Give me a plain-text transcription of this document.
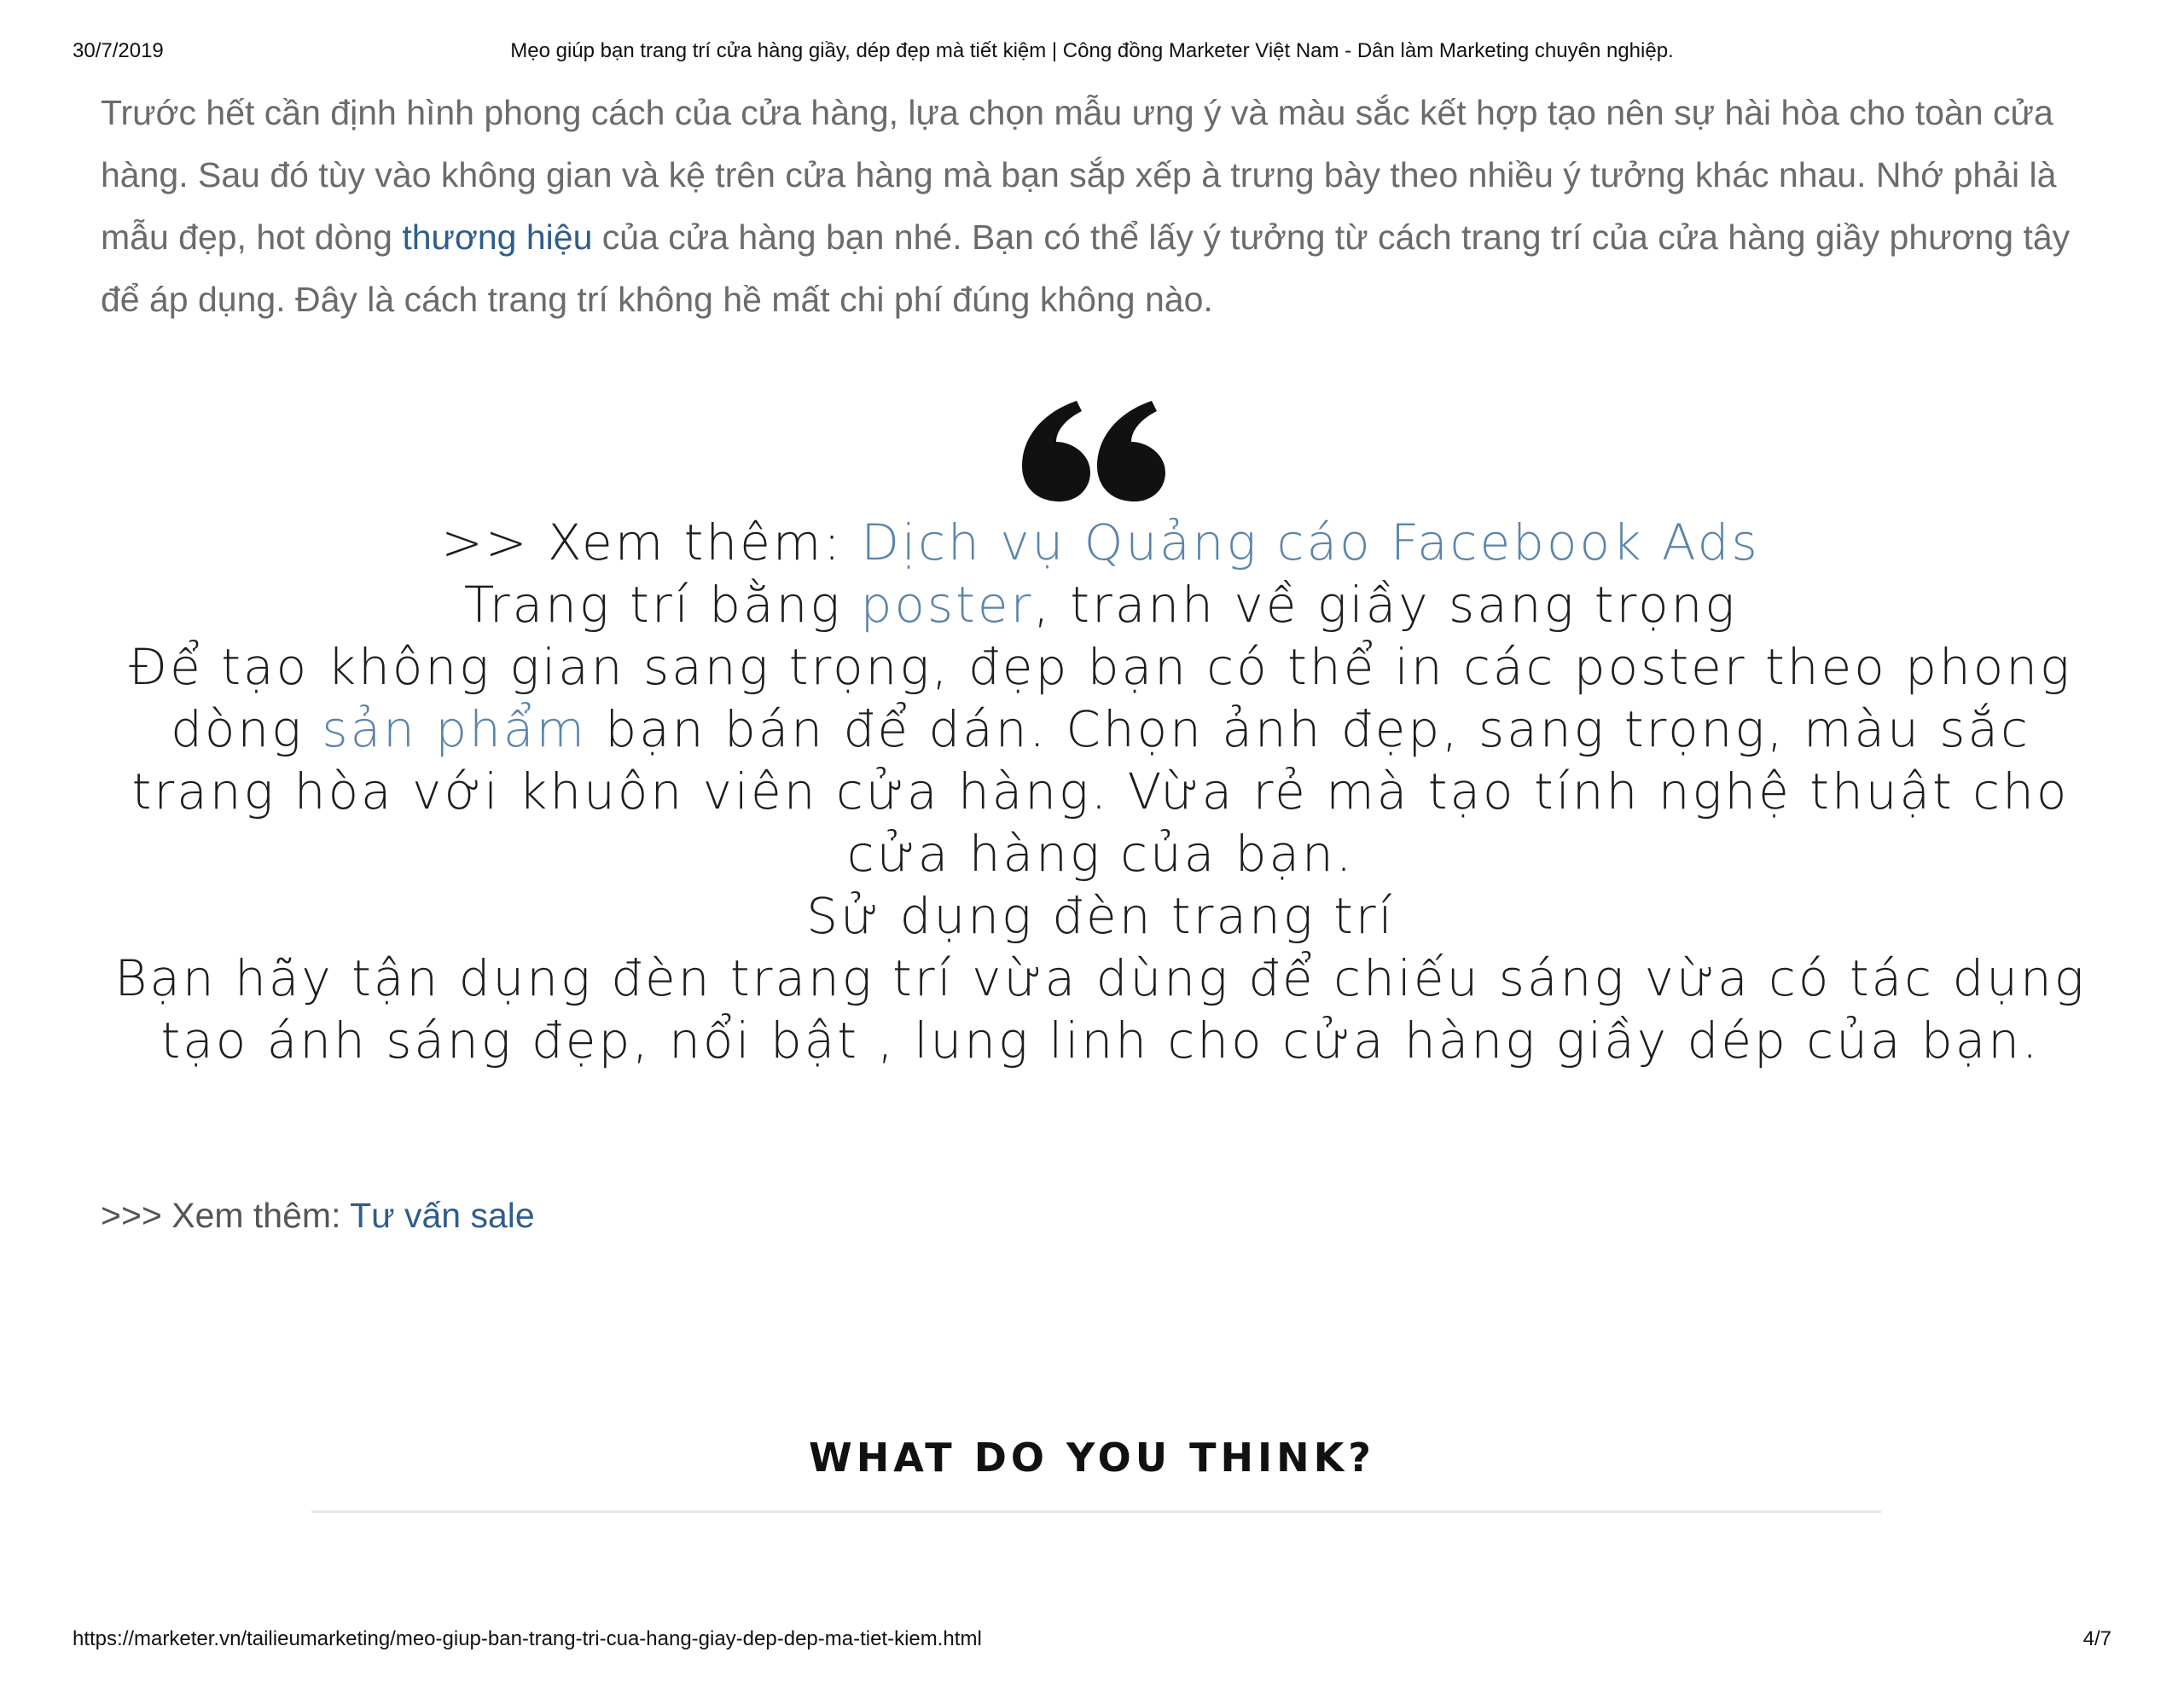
30/7/2019	Mẹo giúp bạn trang trí cửa hàng giầy, dép đẹp mà tiết kiệm | Công đồng Marketer Việt Nam - Dân làm Marketing chuyên nghiệp.
Trước hết cần định hình phong cách của cửa hàng, lựa chọn mẫu ưng ý và màu sắc kết hợp tạo nên sự hài hòa cho toàn cửa hàng. Sau đó tùy vào không gian và kệ trên cửa hàng mà bạn sắp xếp à trưng bày theo nhiều ý tưởng khác nhau. Nhớ phải là mẫu đẹp, hot dòng thương hiệu của cửa hàng bạn nhé. Bạn có thể lấy ý tưởng từ cách trang trí của cửa hàng giầy phương tây để áp dụng. Đây là cách trang trí không hề mất chi phí đúng không nào.

>> Xem thêm: Dịch vụ Quảng cáo Facebook Ads

Trang trí bằng poster, tranh về giầy sang trọng

Để tạo không gian sang trọng, đẹp bạn có thể in các poster theo phong dòng sản phẩm bạn bán để dán. Chọn ảnh đẹp, sang trọng, màu sắc trang hòa với khuôn viên cửa hàng. Vừa rẻ mà tạo tính nghệ thuật cho cửa hàng của bạn.

Sử dụng đèn trang trí

Bạn hãy tận dụng đèn trang trí vừa dùng để chiếu sáng vừa có tác dụng tạo ánh sáng đẹp, nổi bật , lung linh cho cửa hàng giầy dép của bạn.

>>> Xem thêm: Tư vấn sale
WHAT DO YOU THINK?
https://marketer.vn/tailieumarketing/meo-giup-ban-trang-tri-cua-hang-giay-dep-dep-ma-tiet-kiem.html	4/7
